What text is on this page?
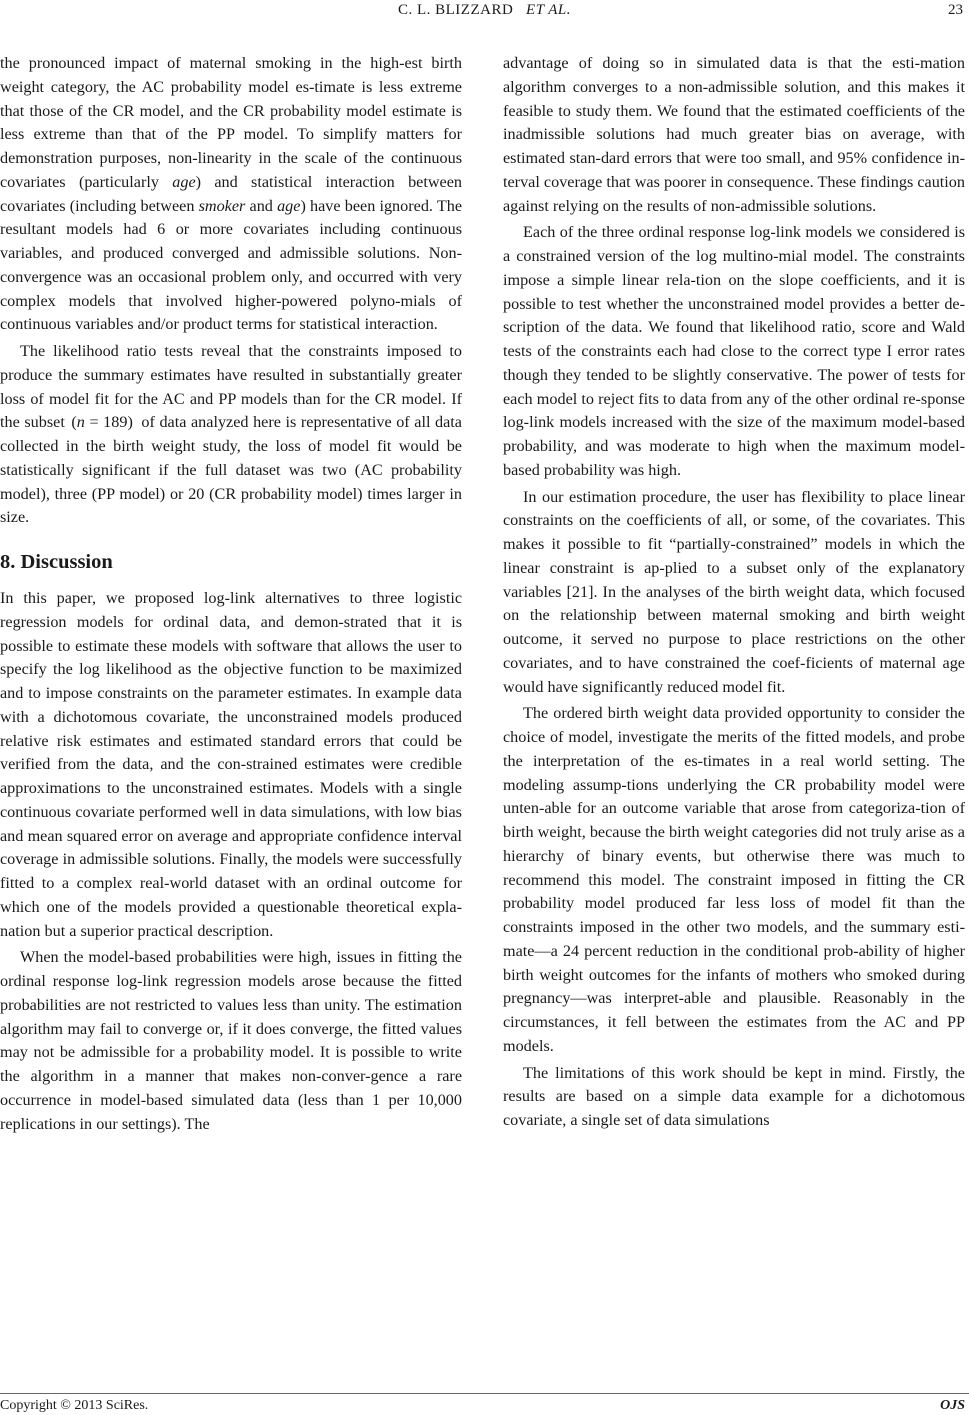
C. L. BLIZZARD ET AL.	23

the pronounced impact of maternal smoking in the high-est birth weight category, the AC probability model es-timate is less extreme that those of the CR model, and the CR probability model estimate is less extreme than that of the PP model. To simplify matters for demonstration purposes, non-linearity in the scale of the continuous covariates (particularly age) and statistical interaction between covariates (including between smoker and age) have been ignored. The resultant models had 6 or more covariates including continuous variables, and produced converged and admissible solutions. Non-convergence was an occasional problem only, and occurred with very complex models that involved higher-powered polyno-mials of continuous variables and/or product terms for statistical interaction.

The likelihood ratio tests reveal that the constraints imposed to produce the summary estimates have resulted in substantially greater loss of model fit for the AC and PP models than for the CR model. If the subset (n = 189) of data analyzed here is representative of all data collected in the birth weight study, the loss of model fit would be statistically significant if the full dataset was two (AC probability model), three (PP model) or 20 (CR probability model) times larger in size.

8. Discussion

In this paper, we proposed log-link alternatives to three logistic regression models for ordinal data, and demon-strated that it is possible to estimate these models with software that allows the user to specify the log likelihood as the objective function to be maximized and to impose constraints on the parameter estimates. In example data with a dichotomous covariate, the unconstrained models produced relative risk estimates and estimated standard errors that could be verified from the data, and the con-strained estimates were credible approximations to the unconstrained estimates. Models with a single continuous covariate performed well in data simulations, with low bias and mean squared error on average and appropriate confidence interval coverage in admissible solutions. Finally, the models were successfully fitted to a complex real-world dataset with an ordinal outcome for which one of the models provided a questionable theoretical expla-nation but a superior practical description.

When the model-based probabilities were high, issues in fitting the ordinal response log-link regression models arose because the fitted probabilities are not restricted to values less than unity. The estimation algorithm may fail to converge or, if it does converge, the fitted values may not be admissible for a probability model. It is possible to write the algorithm in a manner that makes non-conver-gence a rare occurrence in model-based simulated data (less than 1 per 10,000 replications in our settings). The

advantage of doing so in simulated data is that the esti-mation algorithm converges to a non-admissible solution, and this makes it feasible to study them. We found that the estimated coefficients of the inadmissible solutions had much greater bias on average, with estimated stan-dard errors that were too small, and 95% confidence in-terval coverage that was poorer in consequence. These findings caution against relying on the results of non-admissible solutions.

Each of the three ordinal response log-link models we considered is a constrained version of the log multino-mial model. The constraints impose a simple linear rela-tion on the slope coefficients, and it is possible to test whether the unconstrained model provides a better de-scription of the data. We found that likelihood ratio, score and Wald tests of the constraints each had close to the correct type I error rates though they tended to be slightly conservative. The power of tests for each model to reject fits to data from any of the other ordinal re-sponse log-link models increased with the size of the maximum model-based probability, and was moderate to high when the maximum model-based probability was high.

In our estimation procedure, the user has flexibility to place linear constraints on the coefficients of all, or some, of the covariates. This makes it possible to fit “partially-constrained” models in which the linear constraint is ap-plied to a subset only of the explanatory variables [21]. In the analyses of the birth weight data, which focused on the relationship between maternal smoking and birth weight outcome, it served no purpose to place restrictions on the other covariates, and to have constrained the coef-ficients of maternal age would have significantly reduced model fit.

The ordered birth weight data provided opportunity to consider the choice of model, investigate the merits of the fitted models, and probe the interpretation of the es-timates in a real world setting. The modeling assump-tions underlying the CR probability model were unten-able for an outcome variable that arose from categoriza-tion of birth weight, because the birth weight categories did not truly arise as a hierarchy of binary events, but otherwise there was much to recommend this model. The constraint imposed in fitting the CR probability model produced far less loss of model fit than the constraints imposed in the other two models, and the summary esti-mate—a 24 percent reduction in the conditional prob-ability of higher birth weight outcomes for the infants of mothers who smoked during pregnancy—was interpret-able and plausible. Reasonably in the circumstances, it fell between the estimates from the AC and PP models.

The limitations of this work should be kept in mind. Firstly, the results are based on a simple data example for a dichotomous covariate, a single set of data simulations

Copyright © 2013 SciRes.	OJS
